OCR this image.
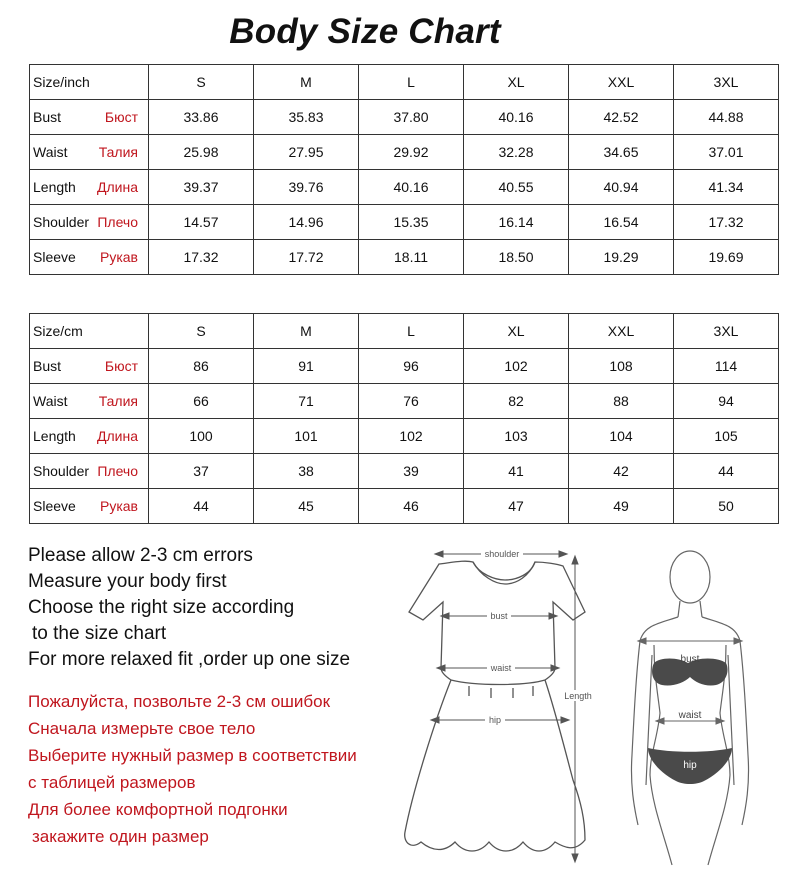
Body Size Chart
Size/inch	S	M	L	XL	XXL	3XL

Bust Бюст	33.86	35.83	37.80	40.16	42.52	44.88

Waist Талия	25.98	27.95	29.92	32.28	34.65	37.01

Length Длина	39.37	39.76	40.16	40.55	40.94	41.34

Shoulder Плечо	14.57	14.96	15.35	16.14	16.54	17.32

Sleeve Рукав	17.32	17.72	18.11	18.50	19.29	19.69
Size/cm	S	M	L	XL	XXL	3XL

Bust Бюст	86	91	96	102	108	114

Waist Талия	66	71	76	82	88	94

Length Длина	100	101	102	103	104	105

Shoulder Плечо	37	38	39	41	42	44

Sleeve Рукав	44	45	46	47	49	50
Please allow 2-3 cm errors
Measure your body first
Choose the right size according
to the size chart
For more relaxed fit ,order up one size
Пожалуйста, позвольте 2-3 см ошибок
Сначала измерьте свое тело
Выберите нужный размер в соответствии
с таблицей размеров
Для более комфортной подгонки
закажите один размер
shoulder
bust
waist
hip
Length
bust
waist
hip
